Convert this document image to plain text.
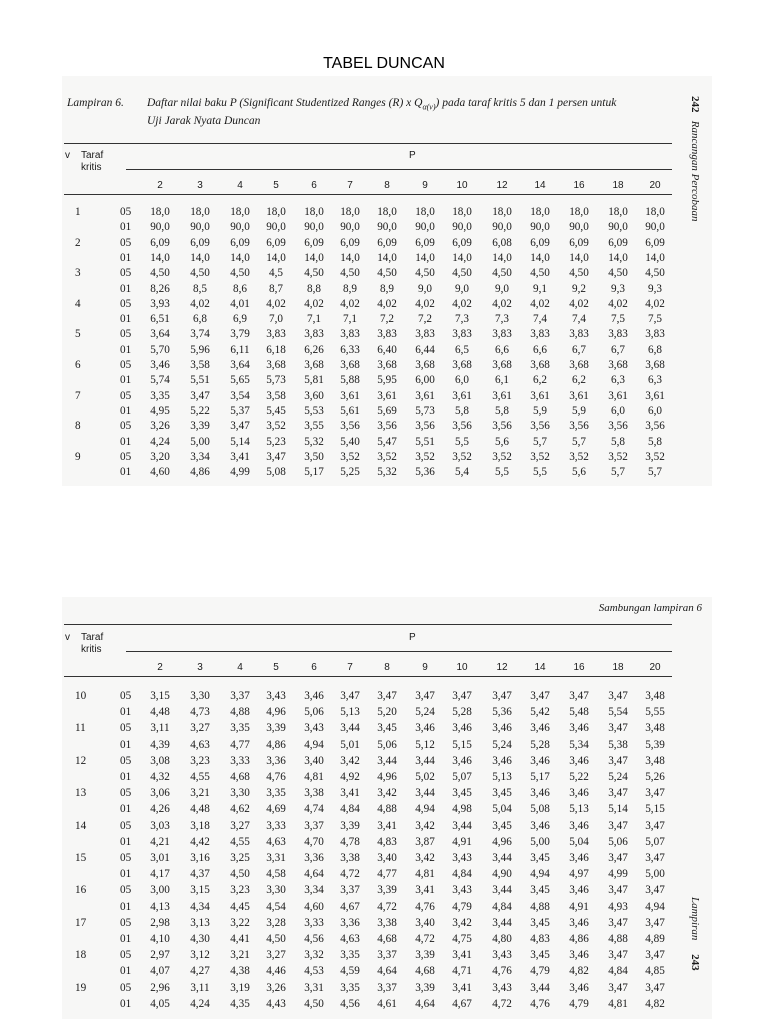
TABEL DUNCAN
Lampiran 6. Daftar nilai baku P (Significant Studentized Ranges (R) x $Q_{\alpha(\nu)}$) pada taraf kritis 5 dan 1 persen untuk
Uji Jarak Nyata Duncan
242   Rancangan Percobaan
v Taraf
kritis
P
2	3	4	5	6	7	8	9	10	12	14	16	18	20
1	05	18,0	18,0	18,0	18,0	18,0	18,0	18,0	18,0	18,0	18,0	18,0	18,0	18,0	18,0
01	90,0	90,0	90,0	90,0	90,0	90,0	90,0	90,0	90,0	90,0	90,0	90,0	90,0	90,0
2	05	6,09	6,09	6,09	6,09	6,09	6,09	6,09	6,09	6,09	6,08	6,09	6,09	6,09	6,09
01	14,0	14,0	14,0	14,0	14,0	14,0	14,0	14,0	14,0	14,0	14,0	14,0	14,0	14,0
3	05	4,50	4,50	4,50	4,5	4,50	4,50	4,50	4,50	4,50	4,50	4,50	4,50	4,50	4,50
01	8,26	8,5	8,6	8,7	8,8	8,9	8,9	9,0	9,0	9,0	9,1	9,2	9,3	9,3
4	05	3,93	4,02	4,01	4,02	4,02	4,02	4,02	4,02	4,02	4,02	4,02	4,02	4,02	4,02
01	6,51	6,8	6,9	7,0	7,1	7,1	7,2	7,2	7,3	7,3	7,4	7,4	7,5	7,5
5	05	3,64	3,74	3,79	3,83	3,83	3,83	3,83	3,83	3,83	3,83	3,83	3,83	3,83	3,83
01	5,70	5,96	6,11	6,18	6,26	6,33	6,40	6,44	6,5	6,6	6,6	6,7	6,7	6,8
6	05	3,46	3,58	3,64	3,68	3,68	3,68	3,68	3,68	3,68	3,68	3,68	3,68	3,68	3,68
01	5,74	5,51	5,65	5,73	5,81	5,88	5,95	6,00	6,0	6,1	6,2	6,2	6,3	6,3
7	05	3,35	3,47	3,54	3,58	3,60	3,61	3,61	3,61	3,61	3,61	3,61	3,61	3,61	3,61
01	4,95	5,22	5,37	5,45	5,53	5,61	5,69	5,73	5,8	5,8	5,9	5,9	6,0	6,0
8	05	3,26	3,39	3,47	3,52	3,55	3,56	3,56	3,56	3,56	3,56	3,56	3,56	3,56	3,56
01	4,24	5,00	5,14	5,23	5,32	5,40	5,47	5,51	5,5	5,6	5,7	5,7	5,8	5,8
9	05	3,20	3,34	3,41	3,47	3,50	3,52	3,52	3,52	3,52	3,52	3,52	3,52	3,52	3,52
01	4,60	4,86	4,99	5,08	5,17	5,25	5,32	5,36	5,4	5,5	5,5	5,6	5,7	5,7
Sambungan lampiran 6
Lampiran     243
v Taraf
kritis
P
2	3	4	5	6	7	8	9	10	12	14	16	18	20
10	05	3,15	3,30	3,37	3,43	3,46	3,47	3,47	3,47	3,47	3,47	3,47	3,47	3,47	3,48
01	4,48	4,73	4,88	4,96	5,06	5,13	5,20	5,24	5,28	5,36	5,42	5,48	5,54	5,55
11	05	3,11	3,27	3,35	3,39	3,43	3,44	3,45	3,46	3,46	3,46	3,46	3,46	3,47	3,48
01	4,39	4,63	4,77	4,86	4,94	5,01	5,06	5,12	5,15	5,24	5,28	5,34	5,38	5,39
12	05	3,08	3,23	3,33	3,36	3,40	3,42	3,44	3,44	3,46	3,46	3,46	3,46	3,47	3,48
01	4,32	4,55	4,68	4,76	4,81	4,92	4,96	5,02	5,07	5,13	5,17	5,22	5,24	5,26
13	05	3,06	3,21	3,30	3,35	3,38	3,41	3,42	3,44	3,45	3,45	3,46	3,46	3,47	3,47
01	4,26	4,48	4,62	4,69	4,74	4,84	4,88	4,94	4,98	5,04	5,08	5,13	5,14	5,15
14	05	3,03	3,18	3,27	3,33	3,37	3,39	3,41	3,42	3,44	3,45	3,46	3,46	3,47	3,47
01	4,21	4,42	4,55	4,63	4,70	4,78	4,83	3,87	4,91	4,96	5,00	5,04	5,06	5,07
15	05	3,01	3,16	3,25	3,31	3,36	3,38	3,40	3,42	3,43	3,44	3,45	3,46	3,47	3,47
01	4,17	4,37	4,50	4,58	4,64	4,72	4,77	4,81	4,84	4,90	4,94	4,97	4,99	5,00
16	05	3,00	3,15	3,23	3,30	3,34	3,37	3,39	3,41	3,43	3,44	3,45	3,46	3,47	3,47
01	4,13	4,34	4,45	4,54	4,60	4,67	4,72	4,76	4,79	4,84	4,88	4,91	4,93	4,94
17	05	2,98	3,13	3,22	3,28	3,33	3,36	3,38	3,40	3,42	3,44	3,45	3,46	3,47	3,47
01	4,10	4,30	4,41	4,50	4,56	4,63	4,68	4,72	4,75	4,80	4,83	4,86	4,88	4,89
18	05	2,97	3,12	3,21	3,27	3,32	3,35	3,37	3,39	3,41	3,43	3,45	3,46	3,47	3,47
01	4,07	4,27	4,38	4,46	4,53	4,59	4,64	4,68	4,71	4,76	4,79	4,82	4,84	4,85
19	05	2,96	3,11	3,19	3,26	3,31	3,35	3,37	3,39	3,41	3,43	3,44	3,46	3,47	3,47
01	4,05	4,24	4,35	4,43	4,50	4,56	4,61	4,64	4,67	4,72	4,76	4,79	4,81	4,82
